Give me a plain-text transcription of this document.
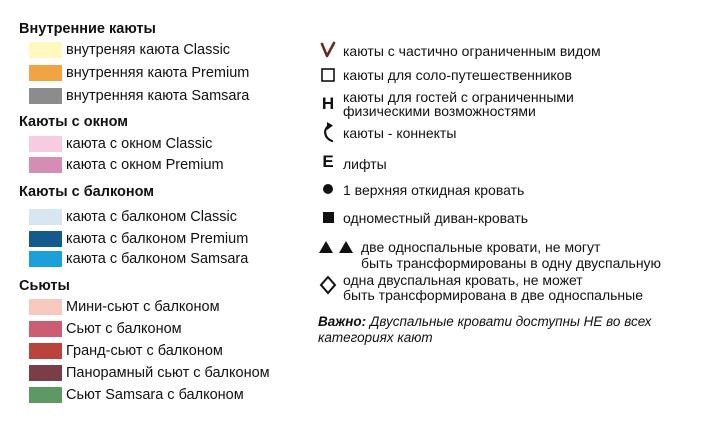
Внутренние каюты
внутреняя каюта Classic
внутренняя каюта Premium
внутренняя каюта Samsara
Каюты с окном
каюта с окном Classic
каюта с окном Premium
Каюты с балконом
каюта с балконом Classic
каюта с балконом Premium
каюта с балконом Samsara
Сьюты
Мини-сьют с балконом
Сьют с балконом
Гранд-сьют с балконом
Панорамный сьют с балконом
Сьют Samsara с балконом
каюты с частично ограниченным видом
каюты для соло-путешественников
H каюты для гостей с ограниченными
физическими возможностями
каюты - коннекты
E лифты
1 верхняя откидная кровать
одноместный диван-кровать
две односпальные кровати, не могут
быть трансформированы в одну двуспальную
одна двуспальная кровать, не может
быть трансформирована в две односпальные
Важно: Двуспальные кровати доступны НЕ во всех категориях кают
